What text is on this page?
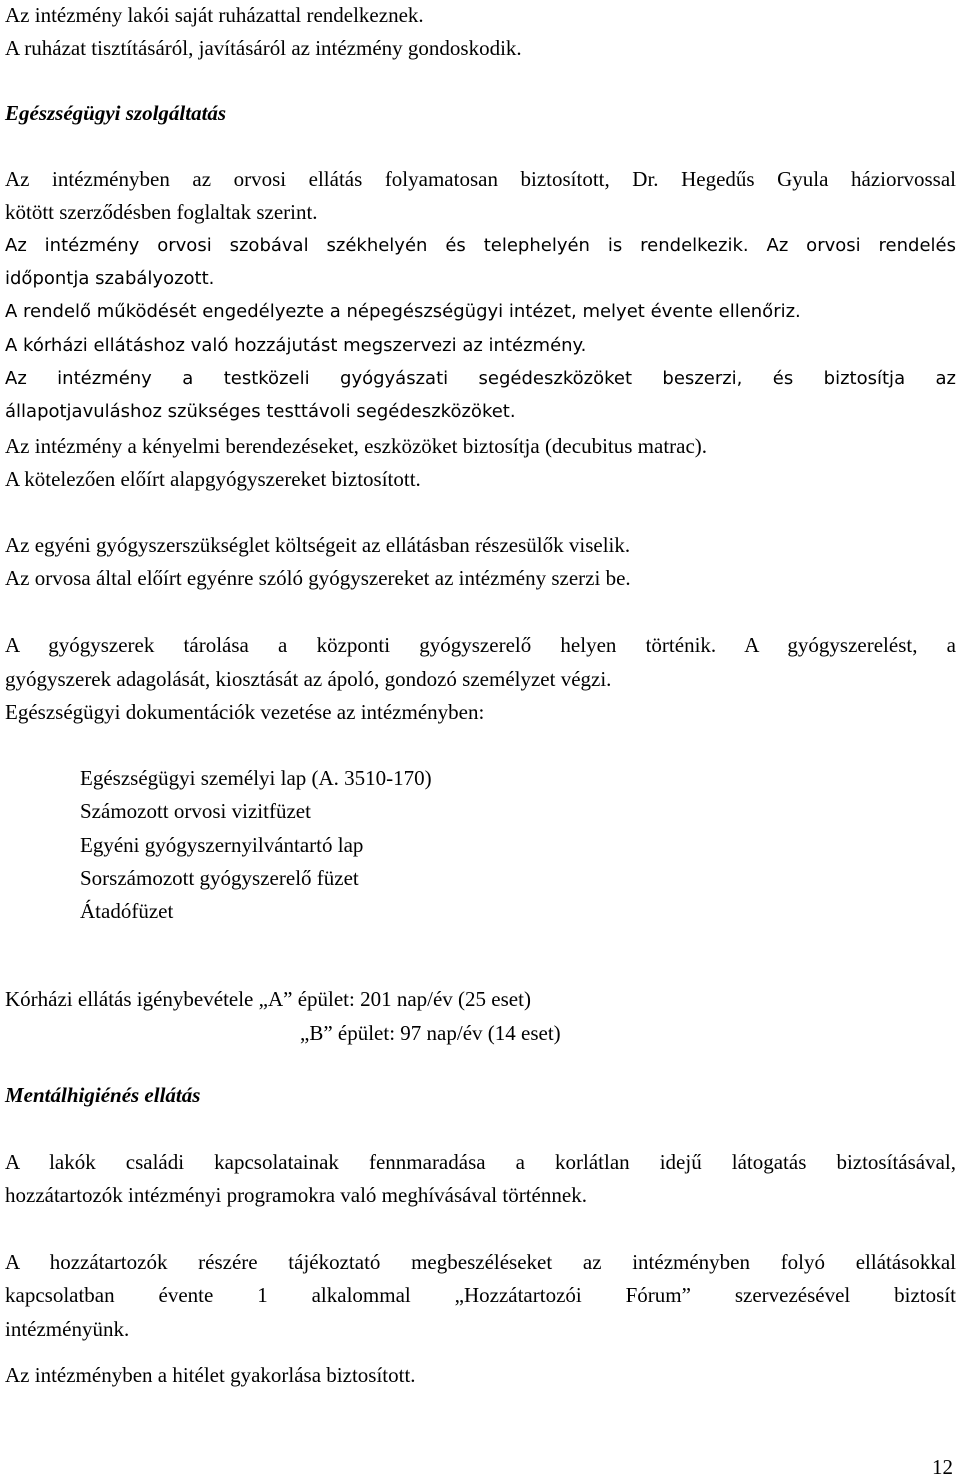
Az intézmény lakói saját ruházattal rendelkeznek.
A ruházat tisztításáról, javításáról az intézmény gondoskodik.
Egészségügyi szolgáltatás
Az intézményben az orvosi ellátás folyamatosan biztosított, Dr. Hegedűs Gyula háziorvossal
kötött szerződésben foglaltak szerint.
Az intézmény orvosi szobával székhelyén és telephelyén is rendelkezik. Az orvosi rendelés
időpontja szabályozott.
A rendelő működését engedélyezte a népegészségügyi intézet, melyet évente ellenőriz.
A kórházi ellátáshoz való hozzájutást megszervezi az intézmény.
Az intézmény a testközeli gyógyászati segédeszközöket beszerzi, és biztosítja az
állapotjavuláshoz szükséges testtávoli segédeszközöket.
Az intézmény a kényelmi berendezéseket, eszközöket biztosítja (decubitus matrac).
A kötelezően előírt alapgyógyszereket biztosított.
Az egyéni gyógyszerszükséglet költségeit az ellátásban részesülők viselik.
Az orvosa által előírt egyénre szóló gyógyszereket az intézmény szerzi be.
A gyógyszerek tárolása a központi gyógyszerelő helyen történik. A gyógyszerelést, a
gyógyszerek adagolását, kiosztását az ápoló, gondozó személyzet végzi.
Egészségügyi dokumentációk vezetése az intézményben:
Egészségügyi személyi lap (A. 3510-170)
Számozott orvosi vizitfüzet
Egyéni gyógyszernyilvántartó lap
Sorszámozott gyógyszerelő füzet
Átadófüzet
Kórházi ellátás igénybevétele „A” épület: 201 nap/év (25 eset)
„B” épület: 97 nap/év (14 eset)
Mentálhigiénés ellátás
A lakók családi kapcsolatainak fennmaradása a korlátlan idejű látogatás biztosításával,
hozzátartozók intézményi programokra való meghívásával történnek.
A hozzátartozók részére tájékoztató megbeszéléseket az intézményben folyó ellátásokkal
kapcsolatban évente 1 alkalommal „Hozzátartozói Fórum” szervezésével biztosít
intézményünk.
Az intézményben a hitélet gyakorlása biztosított.
12
